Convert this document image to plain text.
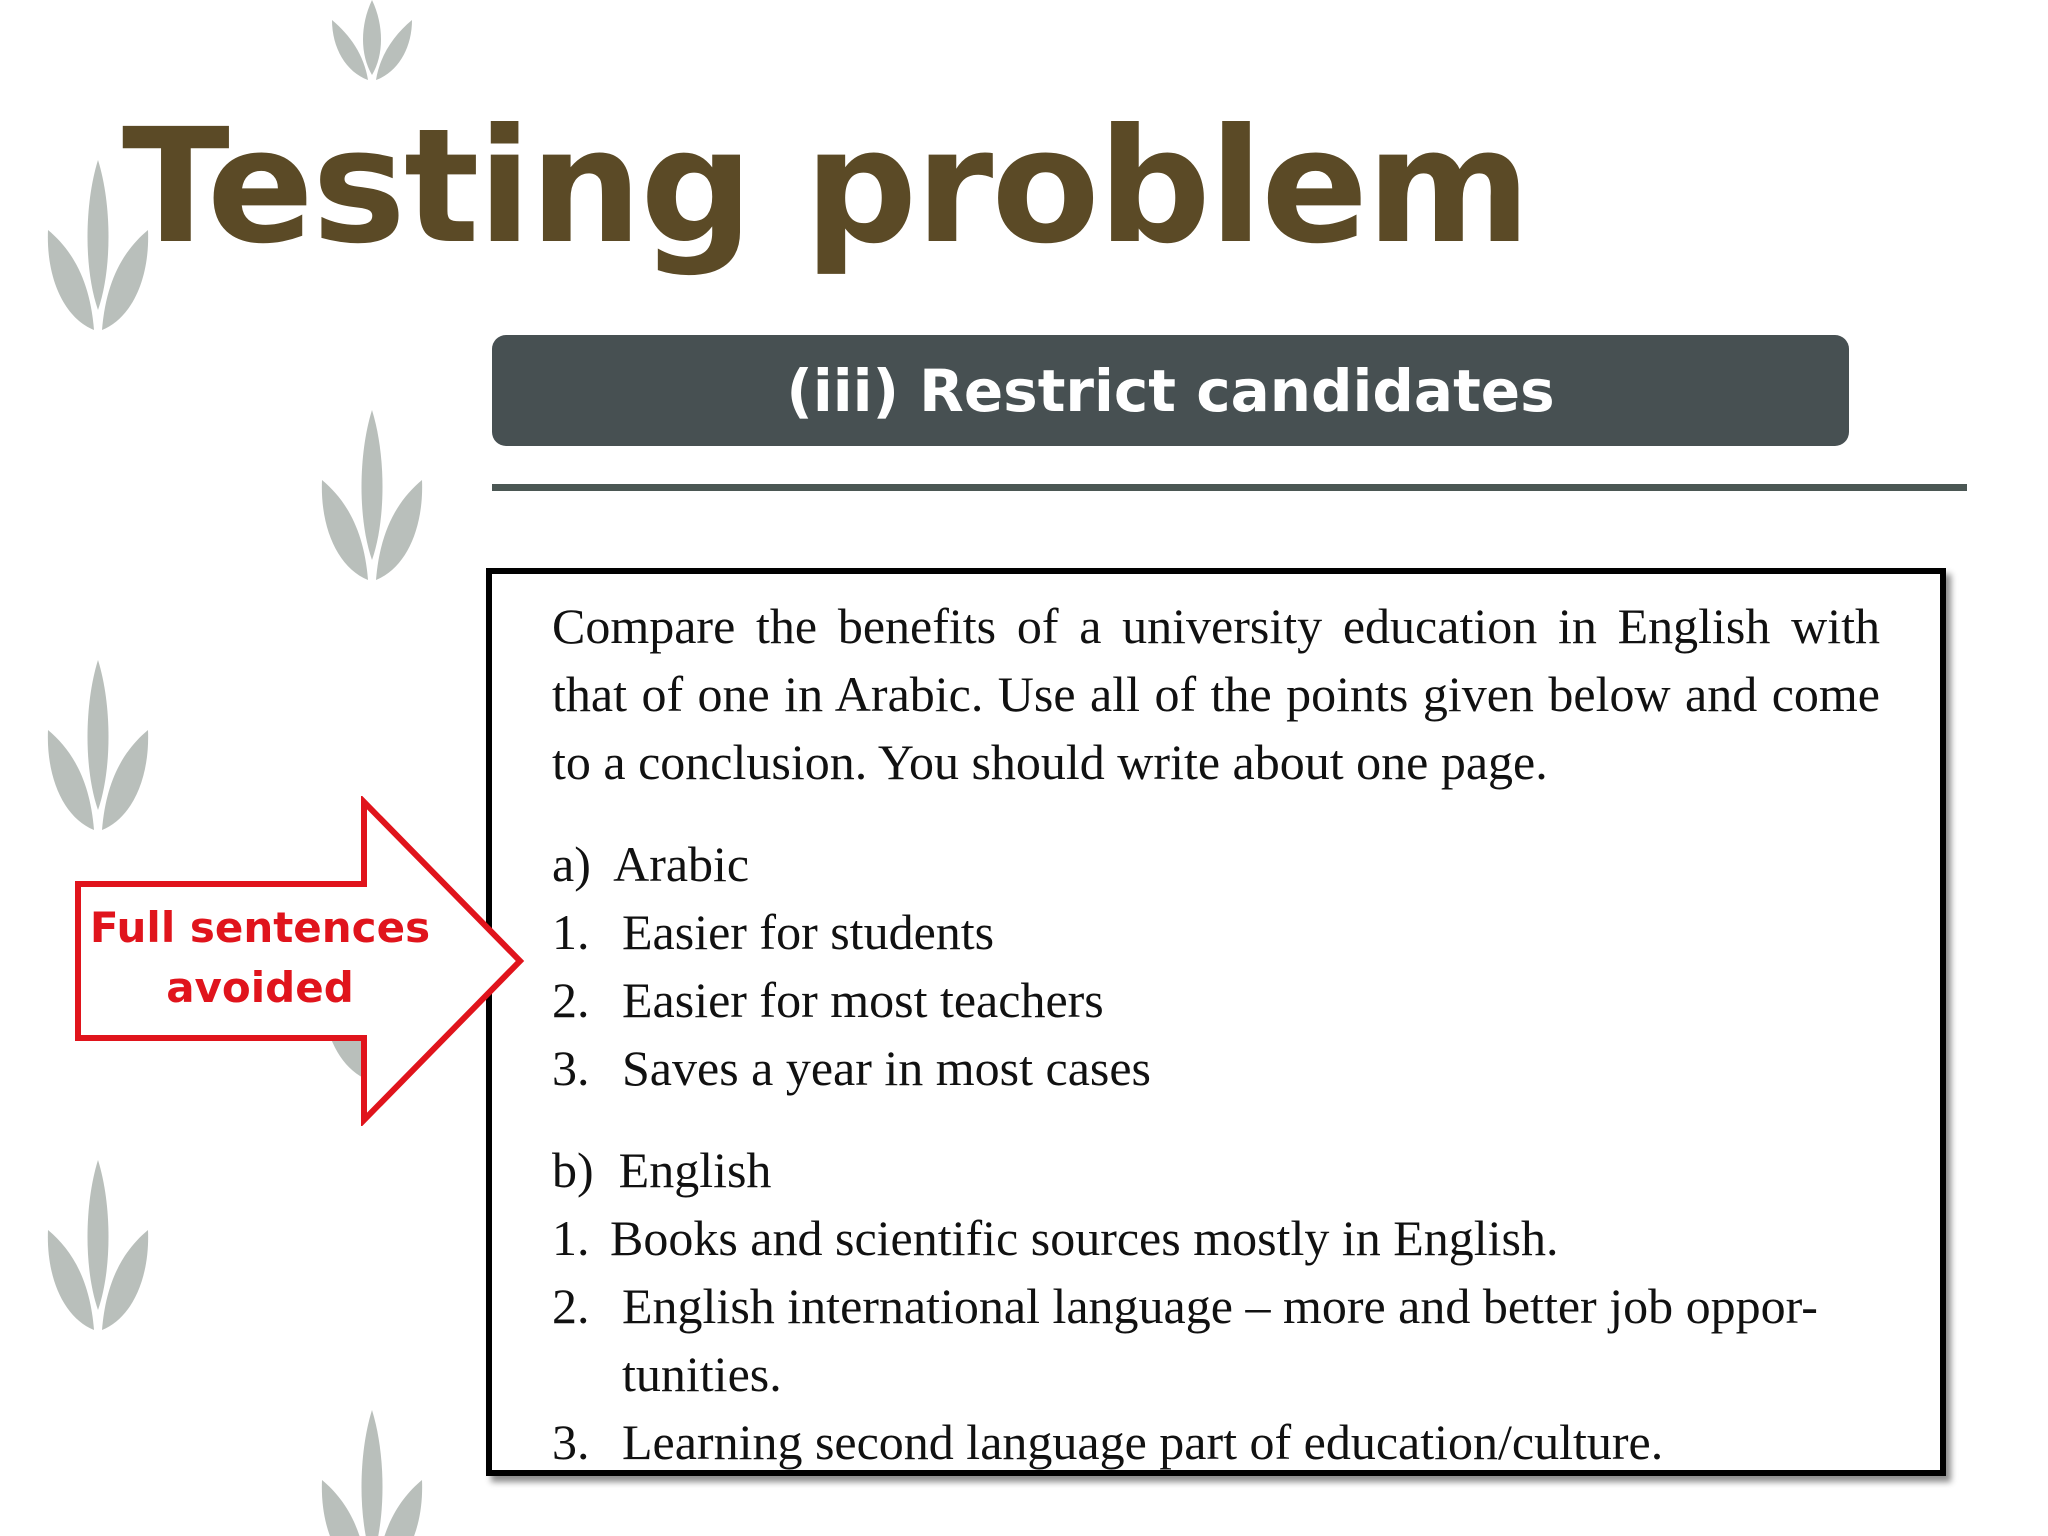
Testing problem
(iii) Restrict candidates

Compare the benefits of a university education in English with that of one in Arabic. Use all of the points given below and come to a conclusion. You should write about one page.

a)  Arabic

1. Easier for students
2. Easier for most teachers
3. Saves a year in most cases

b)  English

1. Books and scientific sources mostly in English.
2. English international language – more and better job oppor-tunities.
3. Learning second language part of education/culture.
Full sentences
avoided
